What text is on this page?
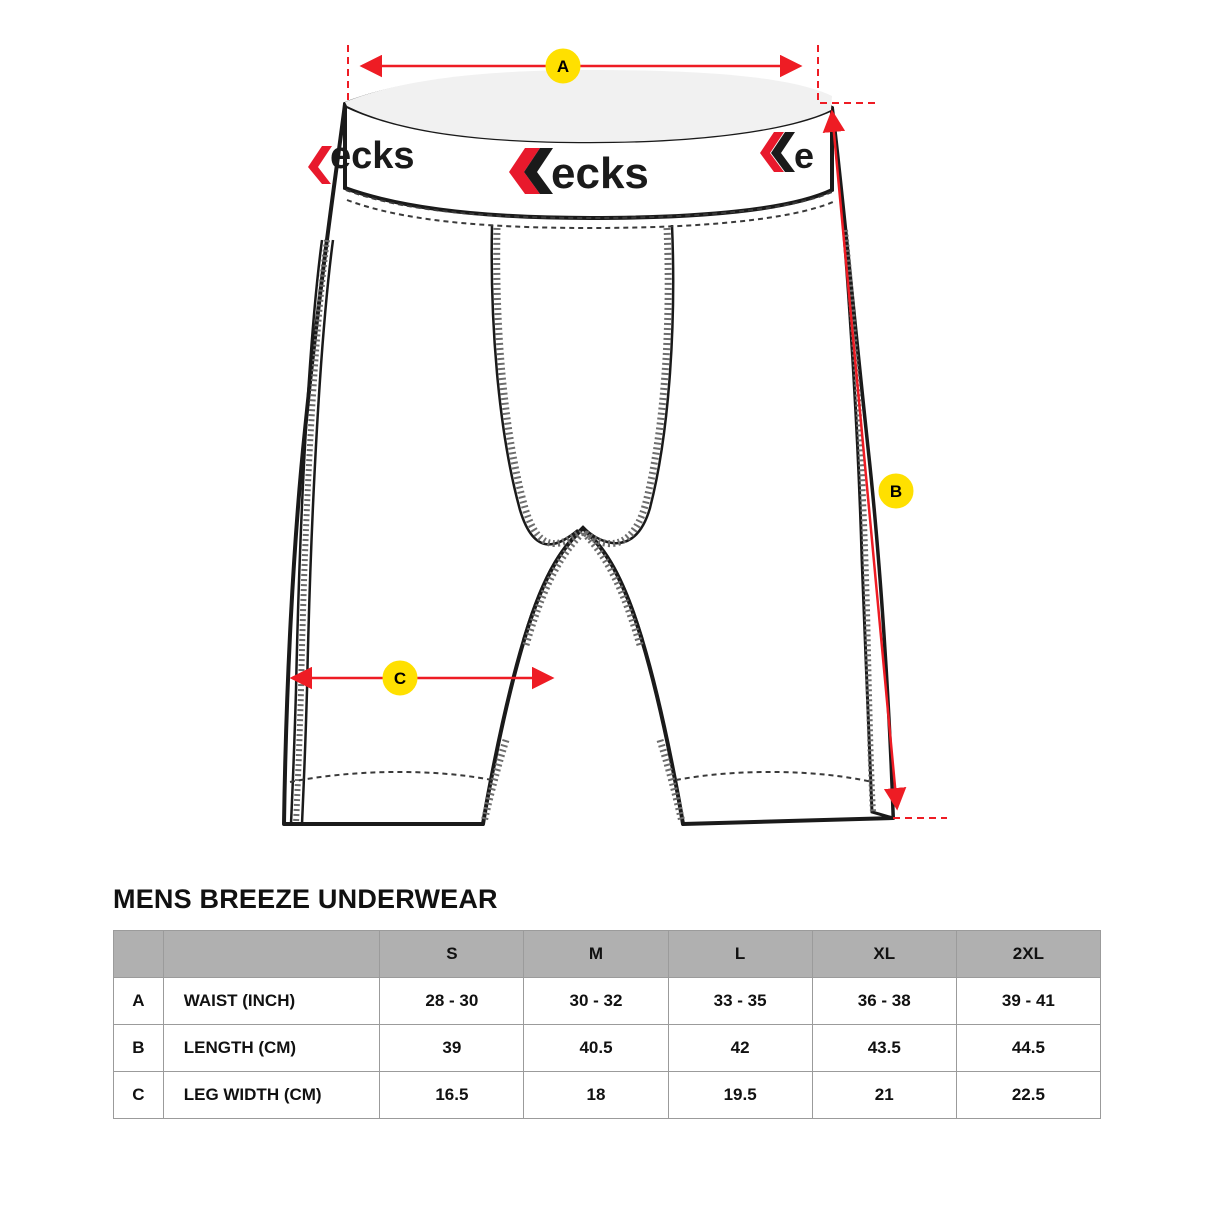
ecks	ecks	e
A
B
C
MENS BREEZE UNDERWEAR
		S	M	L	XL	2XL
A	WAIST (INCH)	28 - 30	30 - 32	33 - 35	36 - 38	39 - 41
B	LENGTH (CM)	39	40.5	42	43.5	44.5
C	LEG WIDTH (CM)	16.5	18	19.5	21	22.5
